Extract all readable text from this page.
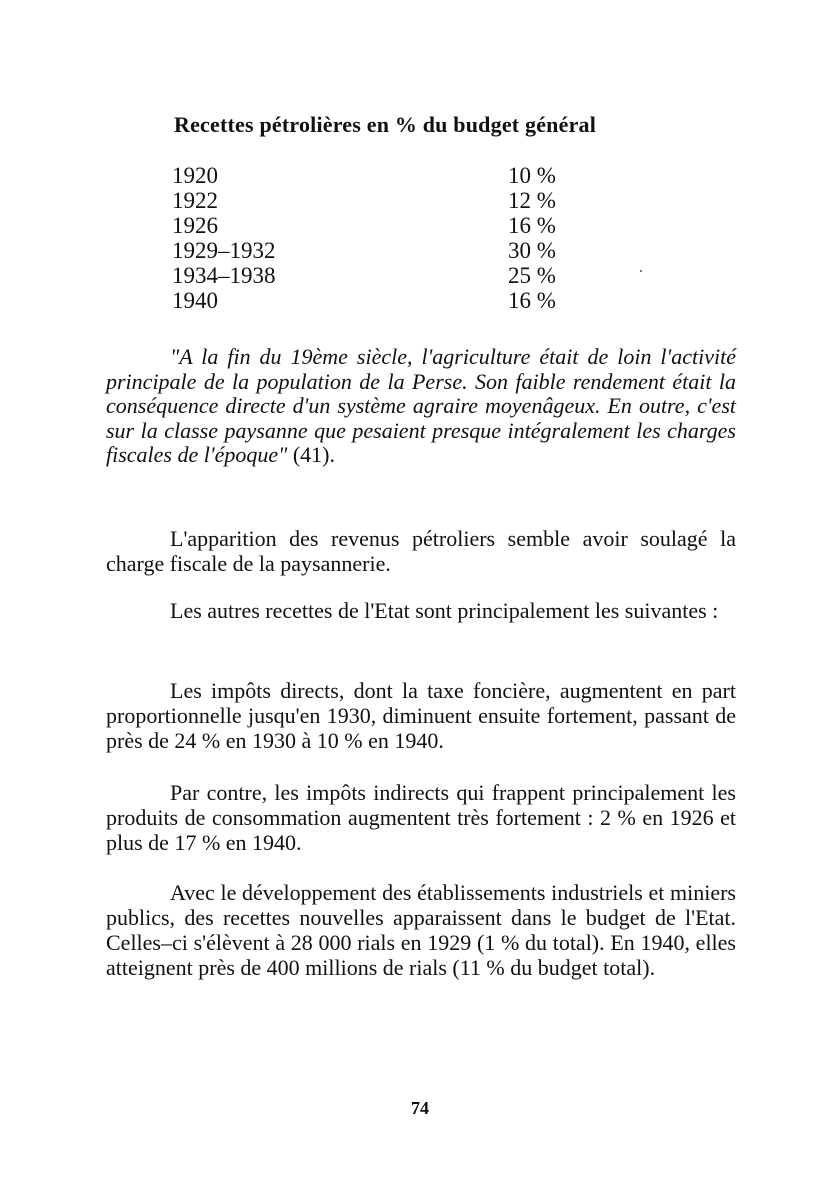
Recettes pétrolières en % du budget général
1920	10 %
1922	12 %
1926	16 %
1929–1932	30 %
1934–1938	25 %
1940	16 %

"A la fin du 19ème siècle, l'agriculture était de loin l'activité principale de la population de la Perse. Son faible rendement était la conséquence directe d'un système agraire moyenâgeux. En outre, c'est sur la classe paysanne que pesaient presque intégralement les charges fiscales de l'époque" (41).

L'apparition des revenus pétroliers semble avoir soulagé la charge fiscale de la paysannerie.

Les autres recettes de l'Etat sont principalement les suivantes :

Les impôts directs, dont la taxe foncière, augmentent en part proportionnelle jusqu'en 1930, diminuent ensuite fortement, passant de près de 24 % en 1930 à 10 % en 1940.

Par contre, les impôts indirects qui frappent principalement les produits de consommation augmentent très fortement : 2 % en 1926 et plus de 17 % en 1940.

Avec le développement des établissements industriels et miniers publics, des recettes nouvelles apparaissent dans le budget de l'Etat. Celles–ci s'élèvent à 28 000 rials en 1929 (1 % du total). En 1940, elles atteignent près de 400 millions de rials (11 % du budget total).

74
